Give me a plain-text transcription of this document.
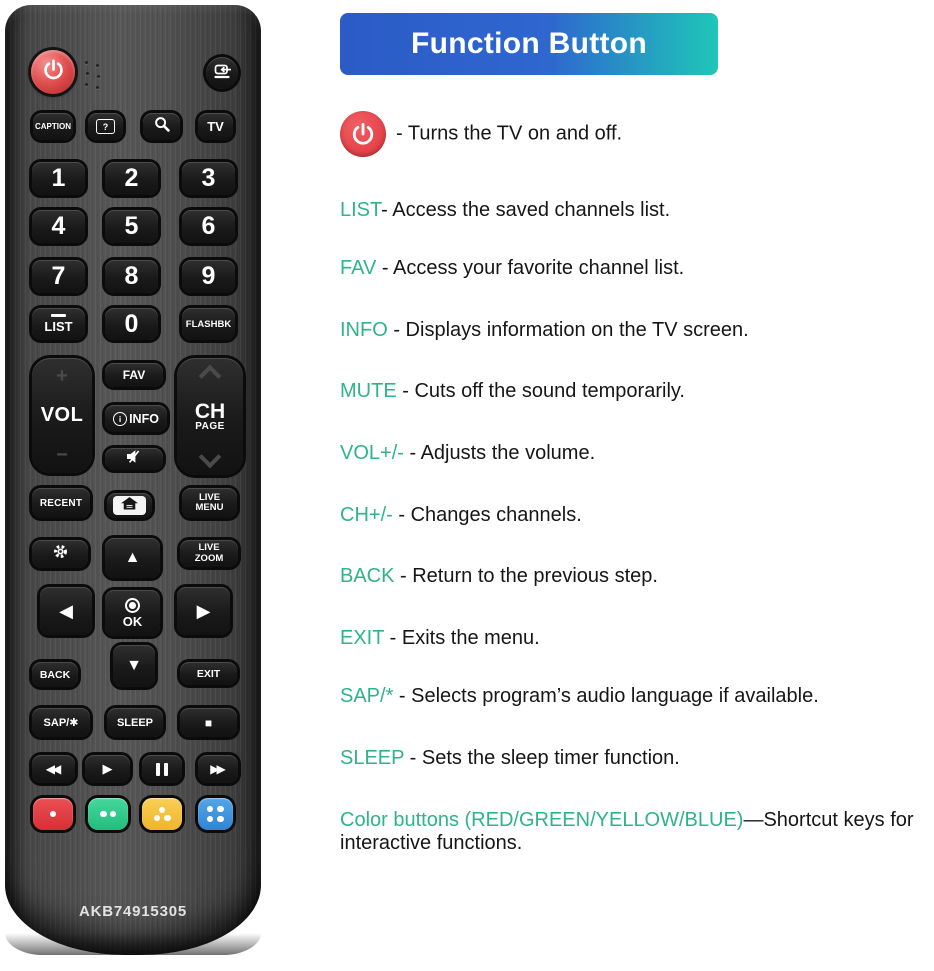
CAPTION	?	TV
1 2	3
4 5	6
7 8	9
LIST 0	FLASHBK
+
VOL
−
FAV
i
INFO CH
PAGE
RECENT
LIVE
MENU
▲
LIVE
ZOOM
◀
OK
▶
BACK
▼	EXIT
SAP/✱	SLEEP	■
◀◀	▶	▶▶
AKB74915305
Function Button
- Turns the TV on and off.
LIST- Access the saved channels list.
FAV - Access your favorite channel list.
INFO - Displays information on the TV screen.
MUTE - Cuts off the sound temporarily.
VOL+/- - Adjusts the volume.
CH+/- - Changes channels.
BACK - Return to the previous step.
EXIT - Exits the menu.
SAP/* - Selects program’s audio language if available.
SLEEP - Sets the sleep timer function.
Color buttons (RED/GREEN/YELLOW/BLUE)—Shortcut keys for interactive functions.
